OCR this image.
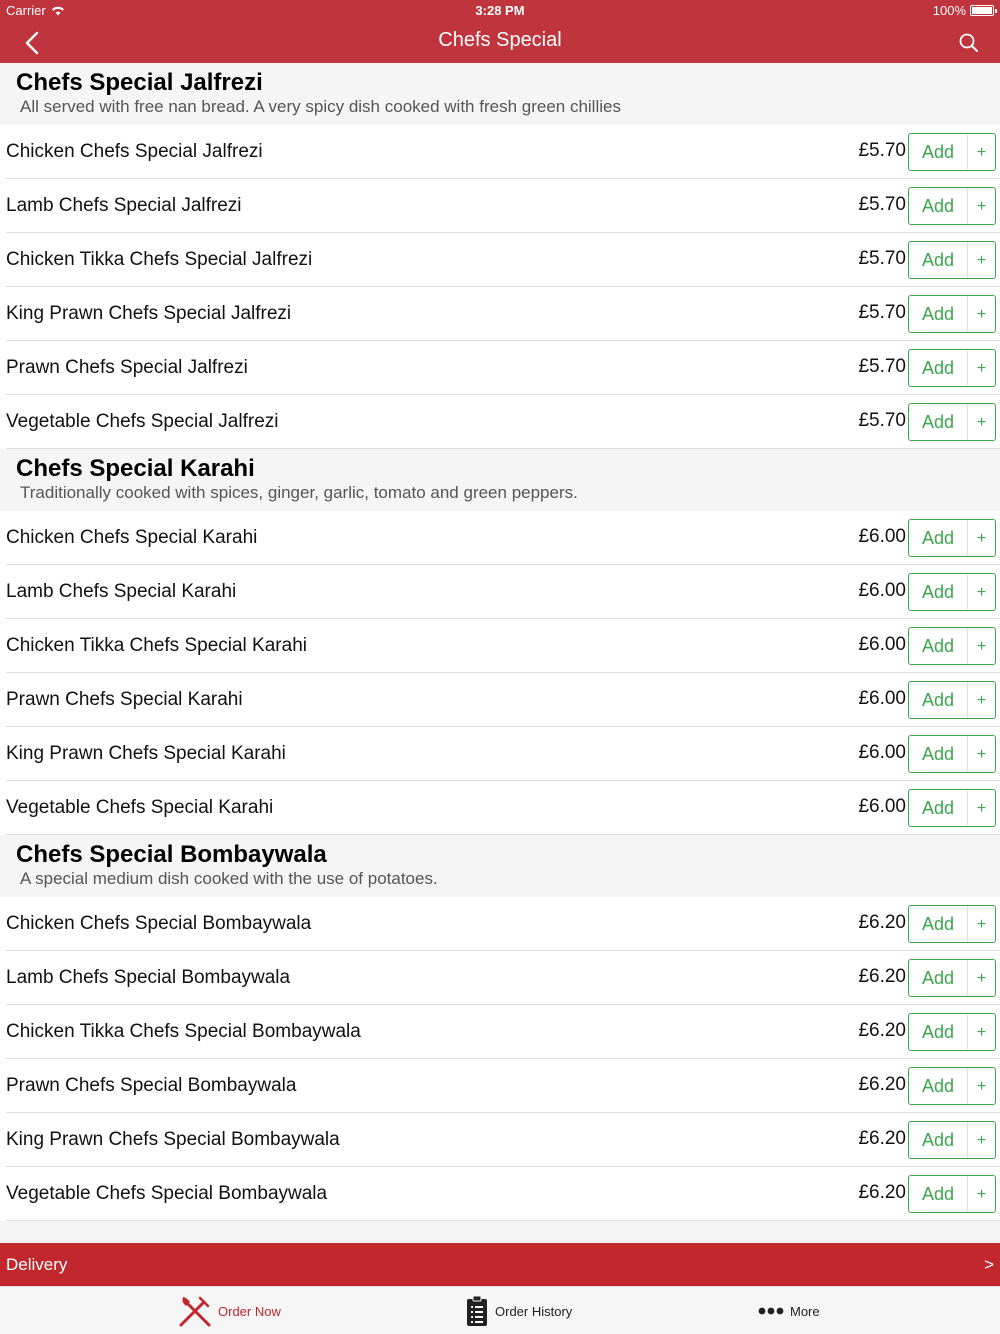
Carrier	3:28 PM	100%
Chefs Special
Chefs Special Jalfrezi
All served with free nan bread. A very spicy dish cooked with fresh green chillies
Chicken Chefs Special Jalfrezi	£5.70 Add	+
Lamb Chefs Special Jalfrezi	£5.70 Add	+
Chicken Tikka Chefs Special Jalfrezi	£5.70 Add	+
King Prawn Chefs Special Jalfrezi	£5.70 Add	+
Prawn Chefs Special Jalfrezi	£5.70 Add	+
Vegetable Chefs Special Jalfrezi	£5.70 Add	+
Chefs Special Karahi
Traditionally cooked with spices, ginger, garlic, tomato and green peppers.
Chicken Chefs Special Karahi	£6.00 Add	+
Lamb Chefs Special Karahi	£6.00 Add	+
Chicken Tikka Chefs Special Karahi	£6.00 Add	+
Prawn Chefs Special Karahi	£6.00 Add	+
King Prawn Chefs Special Karahi	£6.00 Add	+
Vegetable Chefs Special Karahi	£6.00 Add	+
Chefs Special Bombaywala
A special medium dish cooked with the use of potatoes.
Chicken Chefs Special Bombaywala	£6.20 Add	+
Lamb Chefs Special Bombaywala	£6.20 Add	+
Chicken Tikka Chefs Special Bombaywala	£6.20 Add	+
Prawn Chefs Special Bombaywala	£6.20 Add	+
King Prawn Chefs Special Bombaywala	£6.20 Add	+
Vegetable Chefs Special Bombaywala	£6.20 Add	+
Delivery	>
Order Now	Order History	More
